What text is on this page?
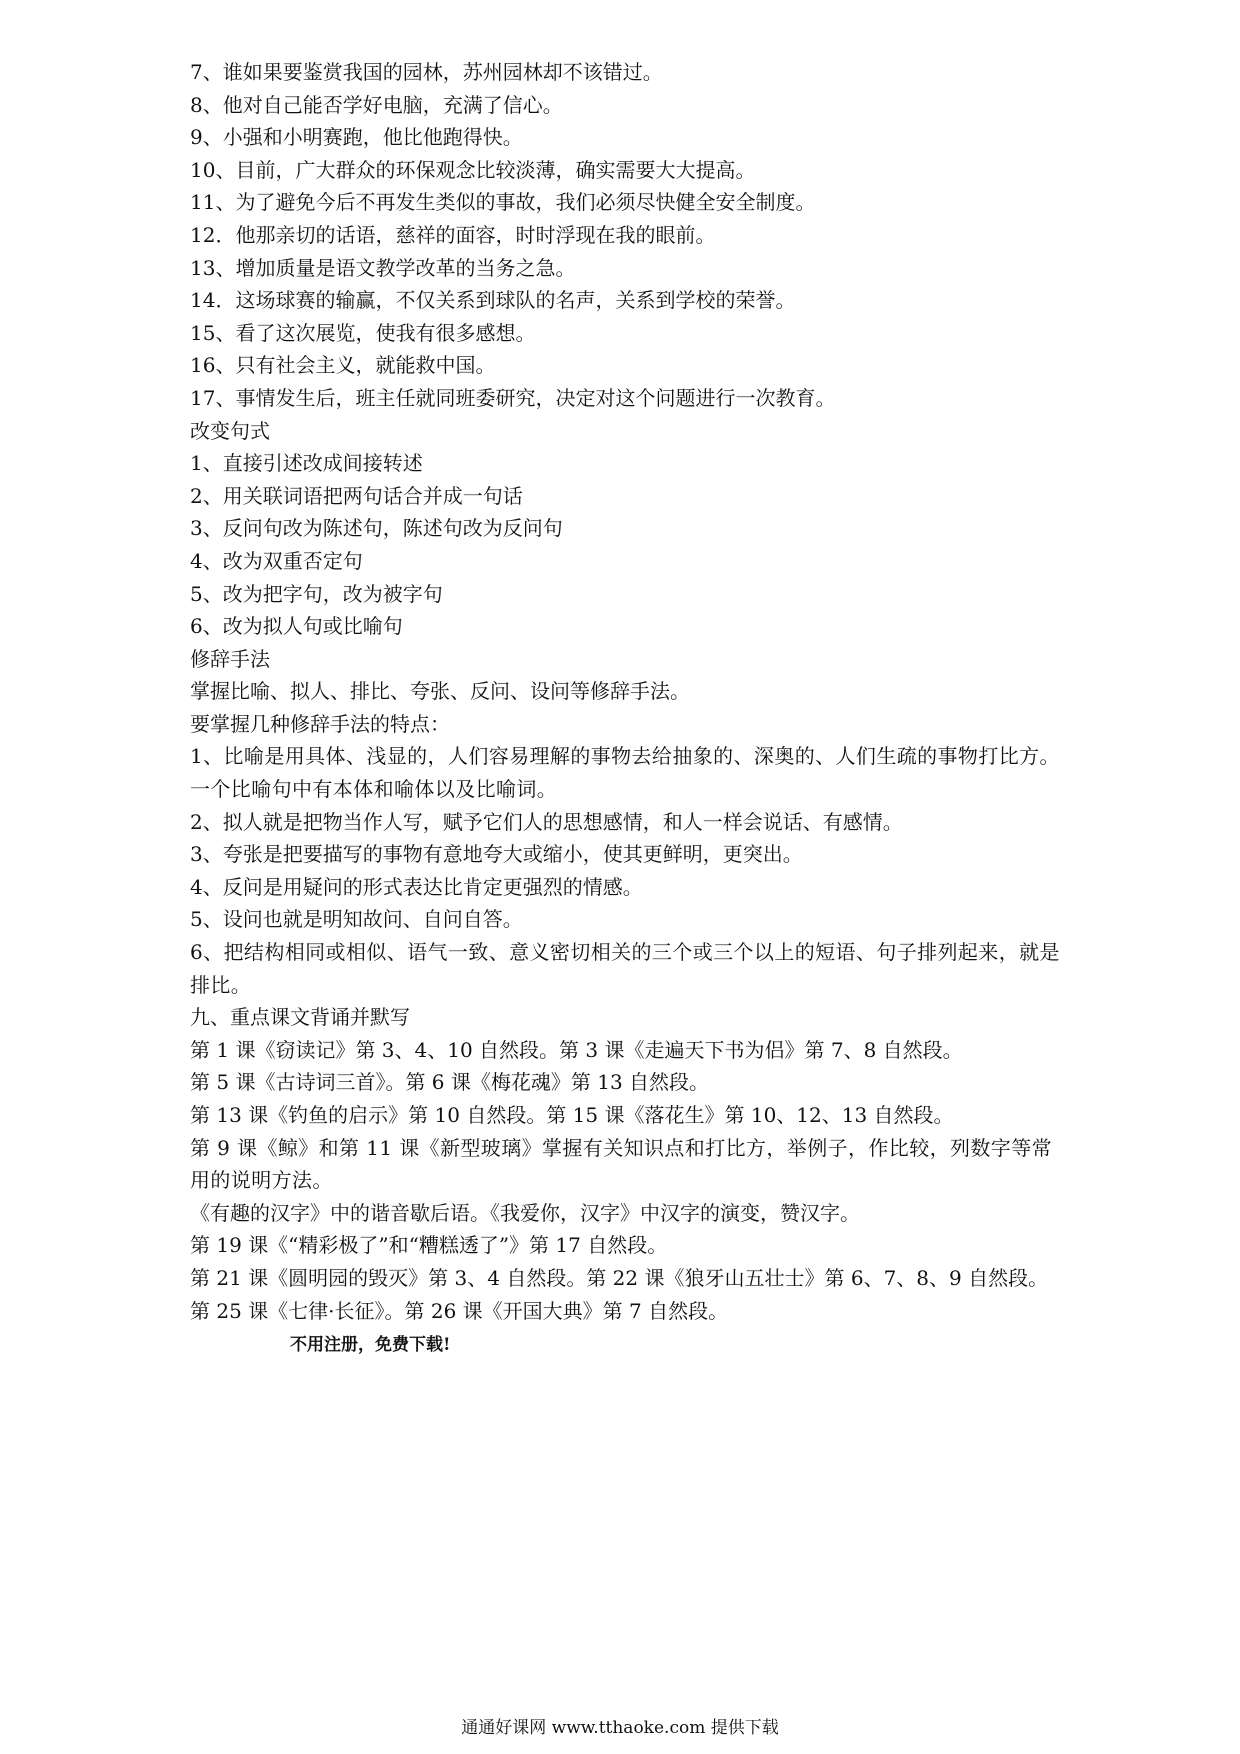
7、谁如果要鉴赏我国的园林，苏州园林却不该错过。
8、他对自己能否学好电脑，充满了信心。
9、小强和小明赛跑，他比他跑得快。
10、目前，广大群众的环保观念比较淡薄，确实需要大大提高。
11、为了避免今后不再发生类似的事故，我们必须尽快健全安全制度。
12．他那亲切的话语，慈祥的面容，时时浮现在我的眼前。
13、增加质量是语文教学改革的当务之急。
14．这场球赛的输赢，不仅关系到球队的名声，关系到学校的荣誉。
15、看了这次展览，使我有很多感想。
16、只有社会主义，就能救中国。
17、事情发生后，班主任就同班委研究，决定对这个问题进行一次教育。
改变句式
1、直接引述改成间接转述
2、用关联词语把两句话合并成一句话
3、反问句改为陈述句，陈述句改为反问句
4、改为双重否定句
5、改为把字句，改为被字句
6、改为拟人句或比喻句
修辞手法
掌握比喻、拟人、排比、夸张、反问、设问等修辞手法。
要掌握几种修辞手法的特点：
1、比喻是用具体、浅显的，人们容易理解的事物去给抽象的、深奥的、人们生疏的事物打比方。一个比喻句中有本体和喻体以及比喻词。
2、拟人就是把物当作人写，赋予它们人的思想感情，和人一样会说话、有感情。
3、夸张是把要描写的事物有意地夸大或缩小，使其更鲜明，更突出。
4、反问是用疑问的形式表达比肯定更强烈的情感。
5、设问也就是明知故问、自问自答。
6、把结构相同或相似、语气一致、意义密切相关的三个或三个以上的短语、句子排列起来，就是排比。
九、重点课文背诵并默写
第 1 课《窃读记》第 3、4、10 自然段。第 3 课《走遍天下书为侣》第 7、8 自然段。
第 5 课《古诗词三首》。第 6 课《梅花魂》第 13 自然段。
第 13 课《钓鱼的启示》第 10 自然段。第 15 课《落花生》第 10、12、13 自然段。
第 9 课《鲸》和第 11 课《新型玻璃》掌握有关知识点和打比方，举例子，作比较，列数字等常用的说明方法。
《有趣的汉字》中的谐音歇后语。《我爱你，汉字》中汉字的演变，赞汉字。
第 19 课《“精彩极了”和“糟糕透了”》第 17 自然段。
第 21 课《圆明园的毁灭》第 3、4 自然段。第 22 课《狼牙山五壮士》第 6、7、8、9 自然段。
第 25 课《七律·长征》。第 26 课《开国大典》第 7 自然段。
不用注册，免费下载!
通通好课网 www.tthaoke.com 提供下载
